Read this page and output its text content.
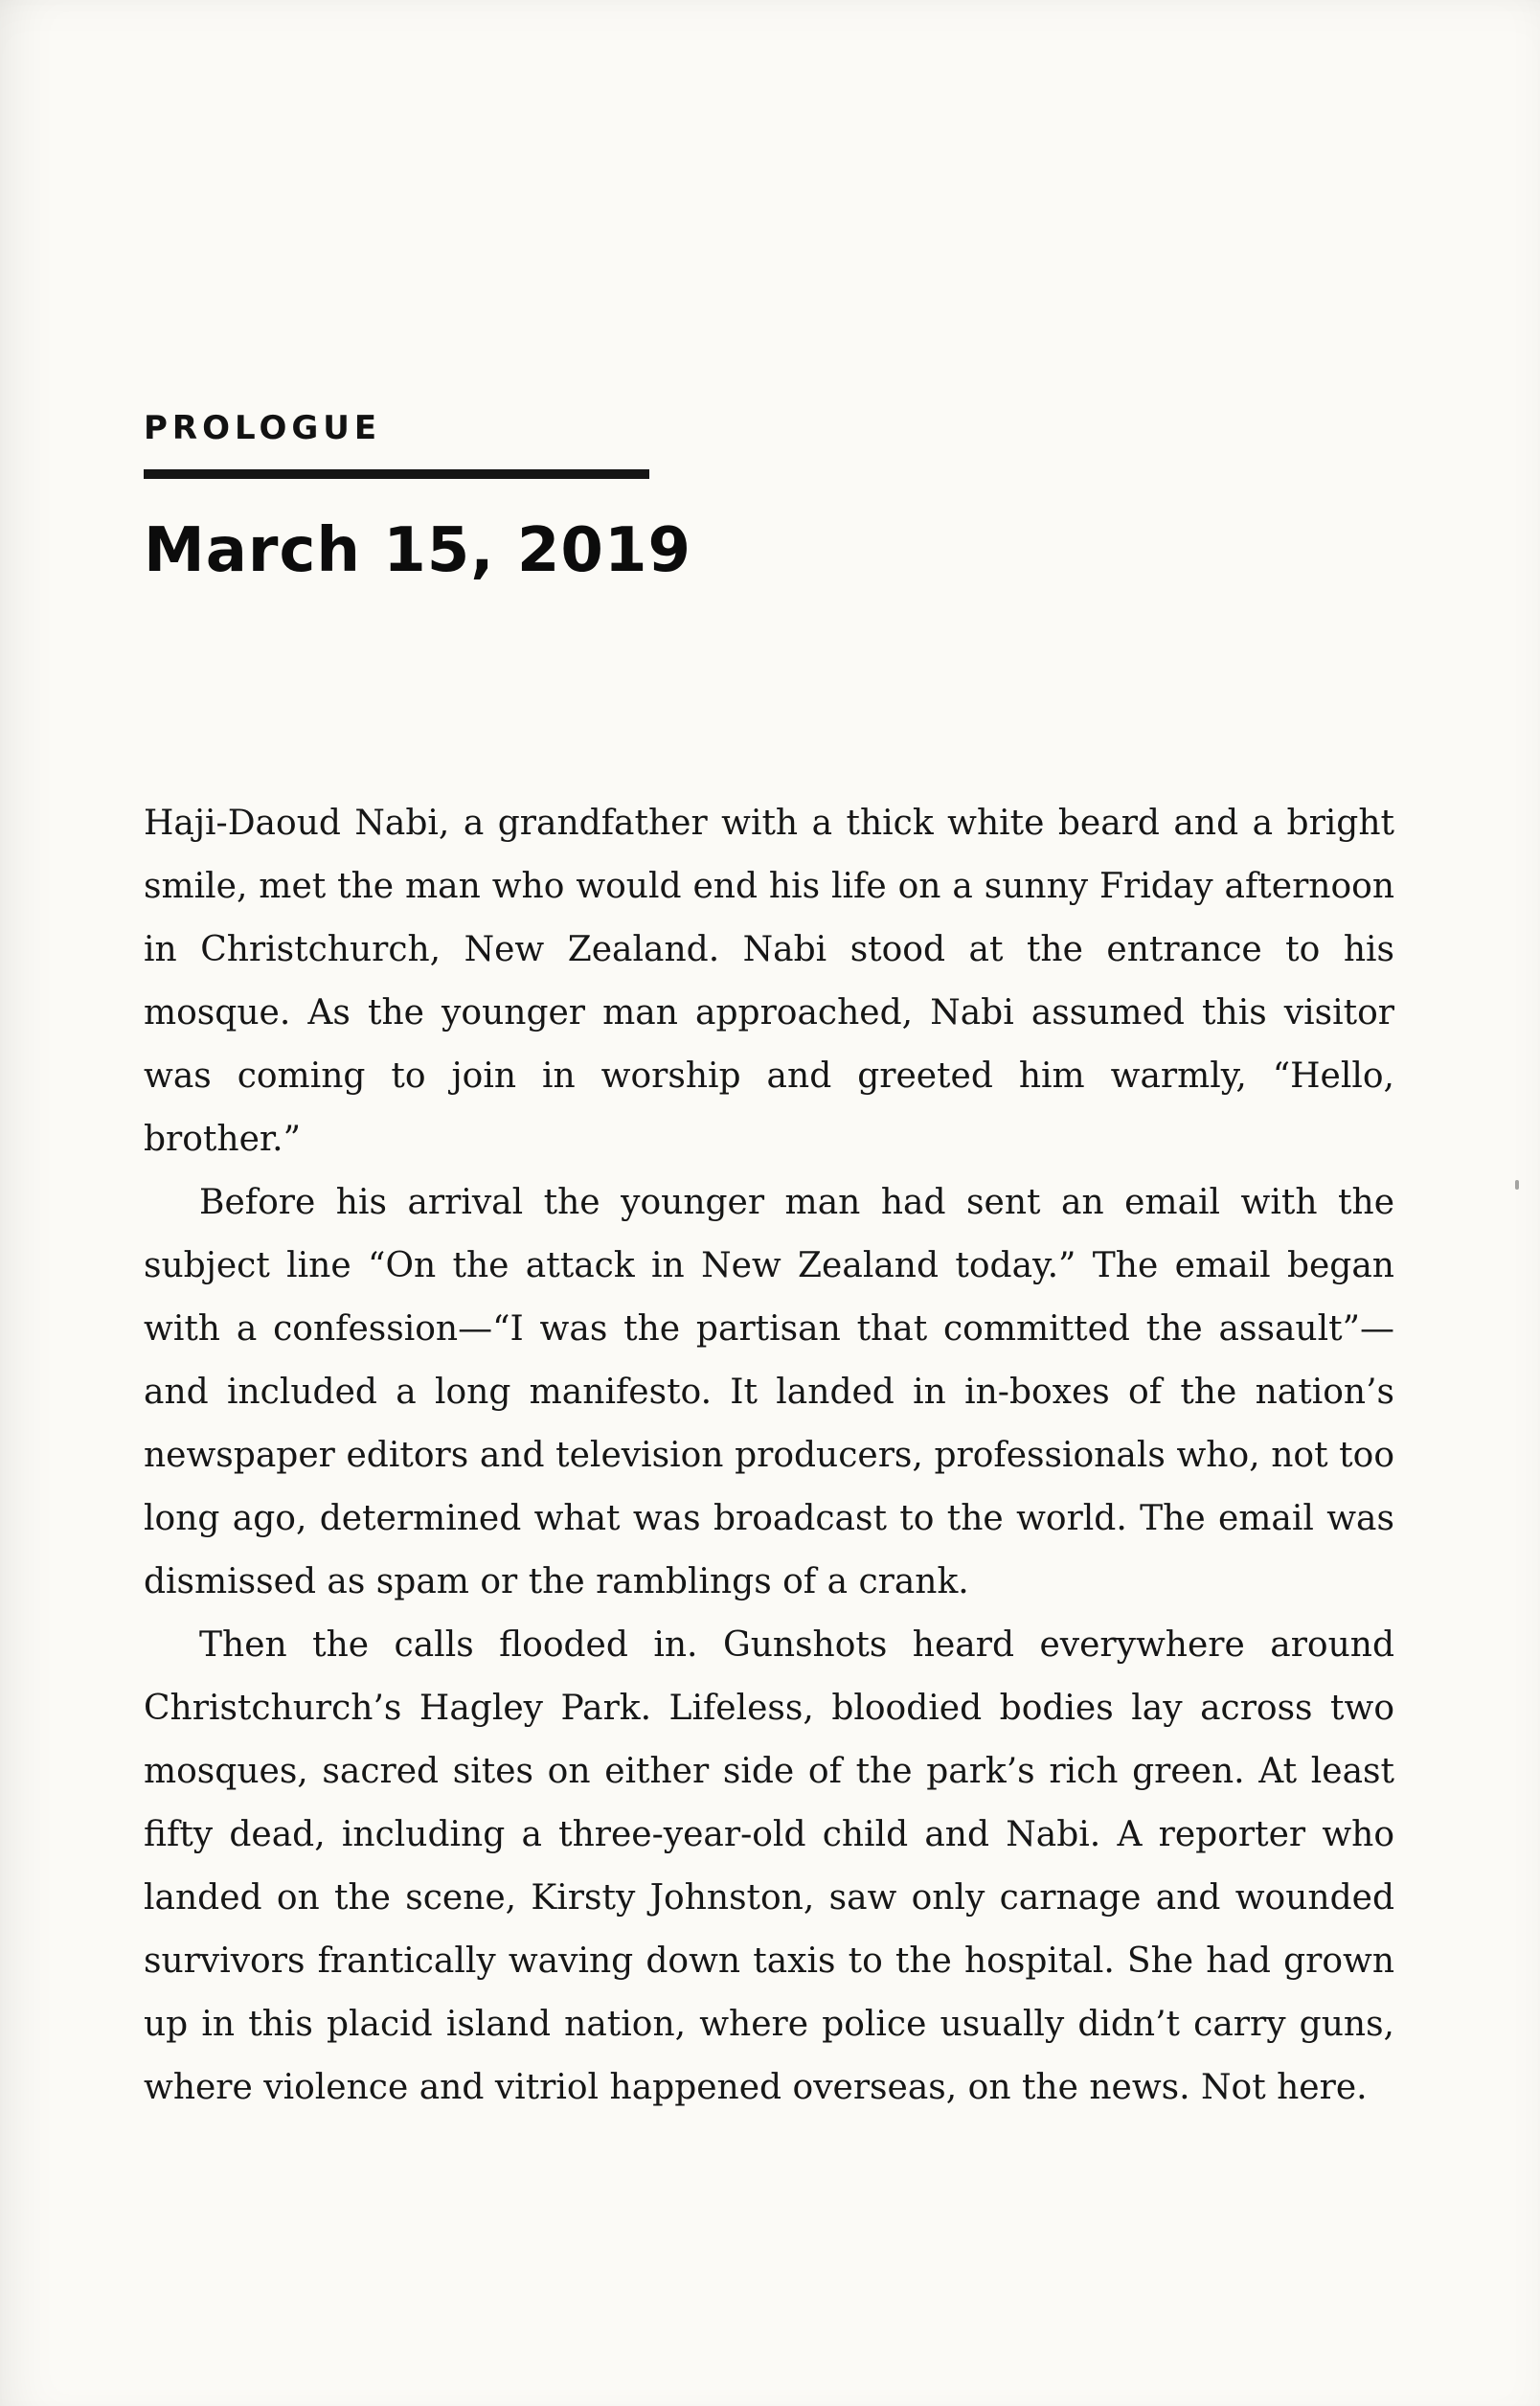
PROLOGUE
March 15, 2019

Haji-Daoud Nabi, a grandfather with a thick white beard and a bright smile, met the man who would end his life on a sunny Friday afternoon in Christchurch, New Zealand. Nabi stood at the entrance to his mosque. As the younger man approached, Nabi assumed this visitor was coming to join in worship and greeted him warmly, “Hello, brother.”

Before his arrival the younger man had sent an email with the subject line “On the attack in New Zealand today.” The email began with a confession—“I was the partisan that committed the assault”—and included a long manifesto. It landed in in-boxes of the nation’s newspaper editors and television producers, professionals who, not too long ago, determined what was broadcast to the world. The email was dismissed as spam or the ramblings of a crank.

Then the calls flooded in. Gunshots heard everywhere around Christchurch’s Hagley Park. Lifeless, bloodied bodies lay across two mosques, sacred sites on either side of the park’s rich green. At least fifty dead, including a three-year-old child and Nabi. A reporter who landed on the scene, Kirsty Johnston, saw only carnage and wounded survivors frantically waving down taxis to the hospital. She had grown up in this placid island nation, where police usually didn’t carry guns, where violence and vitriol happened overseas, on the news. Not here.
